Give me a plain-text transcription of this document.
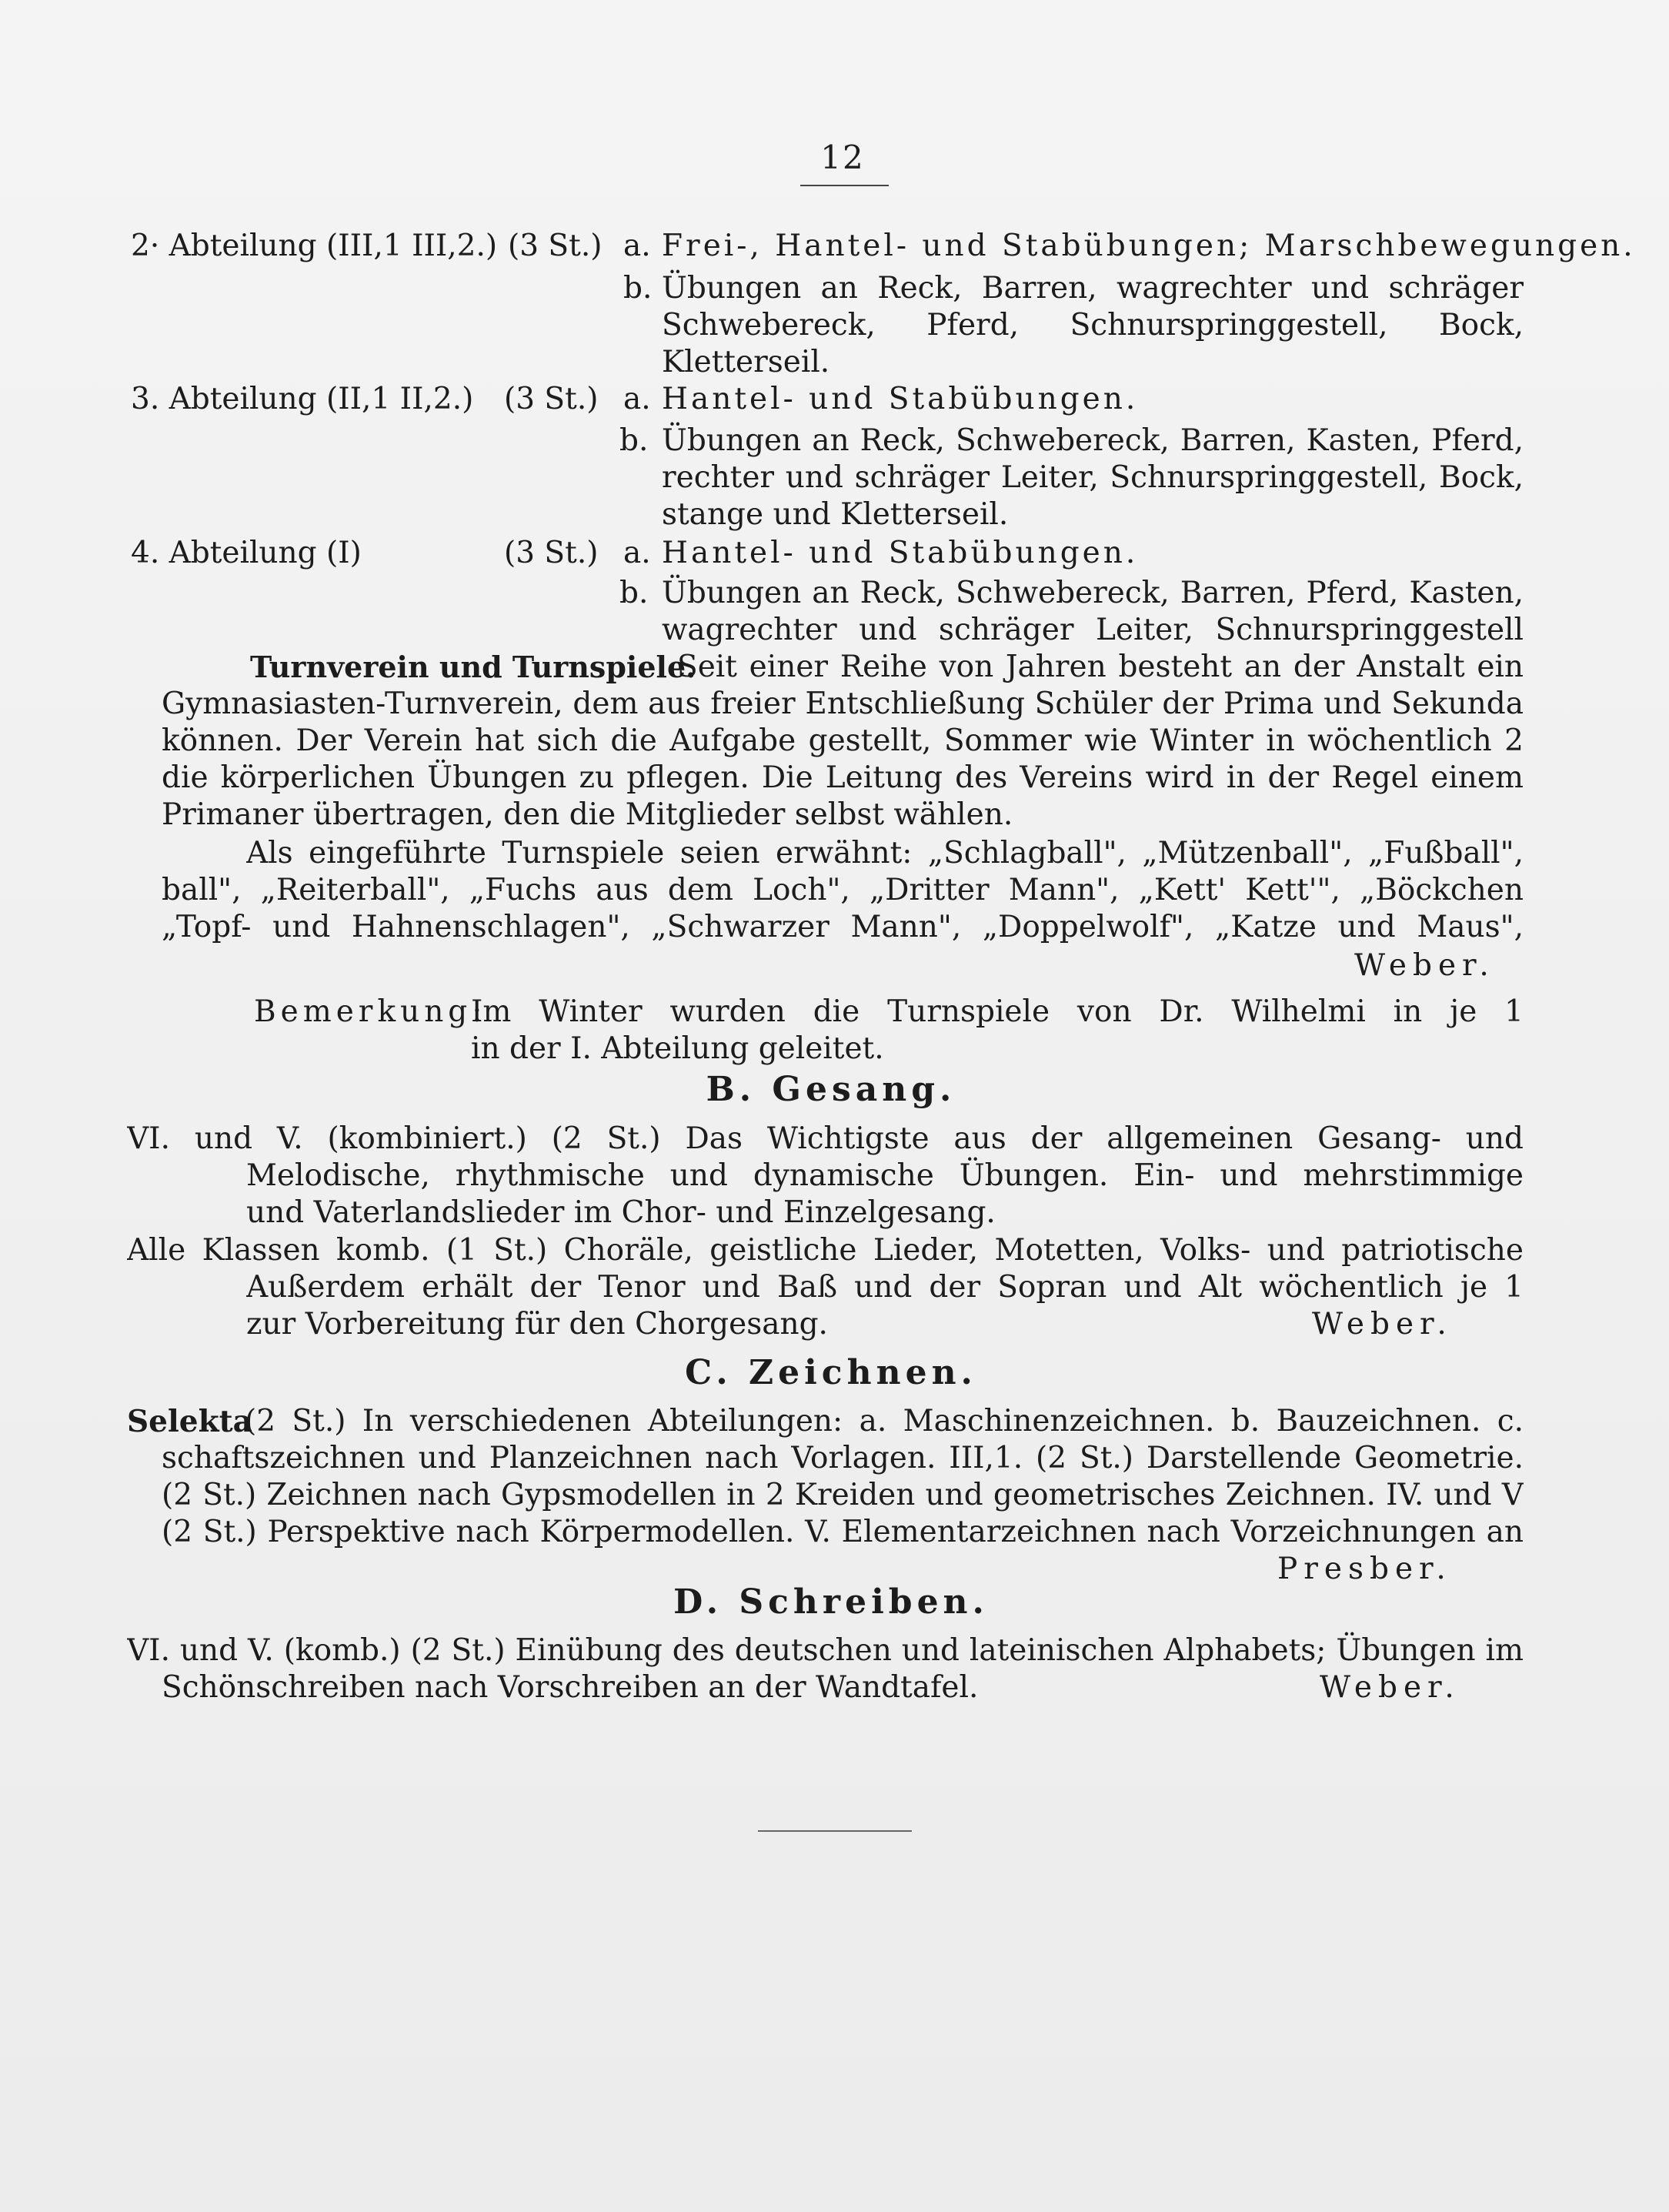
12
2· Abteilung (III,1 III,2.) (3 St.) a. Frei-, Hantel- und Stabübungen; Marschbewegungen.
b. Übungen an Reck, Barren, wagrechter und schräger
Schwebereck, Pferd, Schnurspringgestell, Bock,
Kletterseil.
3. Abteilung (II,1 II,2.) (3 St.) a. Hantel- und Stabübungen.
b. Übungen an Reck, Schwebereck, Barren, Kasten, Pferd,
rechter und schräger Leiter, Schnurspringgestell, Bock,
stange und Kletterseil.
4. Abteilung (I)	(3 St.) a. Hantel- und Stabübungen.
b. Übungen an Reck, Schwebereck, Barren, Pferd, Kasten,
wagrechter und schräger Leiter, Schnurspringgestell
Turnverein und Turnspiele.
Seit einer Reihe von Jahren besteht an der Anstalt ein
Gymnasiasten-Turnverein, dem aus freier Entschließung Schüler der Prima und Sekunda
können. Der Verein hat sich die Aufgabe gestellt, Sommer wie Winter in wöchentlich 2
die körperlichen Übungen zu pflegen. Die Leitung des Vereins wird in der Regel einem
Primaner übertragen, den die Mitglieder selbst wählen.
Als eingeführte Turnspiele seien erwähnt: „Schlagball", „Mützenball", „Fußball",
ball", „Reiterball", „Fuchs aus dem Loch", „Dritter Mann", „Kett' Kett'", „Böckchen
„Topf- und Hahnenschlagen", „Schwarzer Mann", „Doppelwolf", „Katze und Maus",
Weber.
Bemerkung:
Im Winter wurden die Turnspiele von Dr. Wilhelmi in je 1
in der I. Abteilung geleitet.
B. Gesang.
VI. und V. (kombiniert.) (2 St.) Das Wichtigste aus der allgemeinen Gesang- und
Melodische, rhythmische und dynamische Übungen. Ein- und mehrstimmige
und Vaterlandslieder im Chor- und Einzelgesang.
Alle Klassen komb. (1 St.) Choräle, geistliche Lieder, Motetten, Volks- und patriotische
Außerdem erhält der Tenor und Baß und der Sopran und Alt wöchentlich je 1
zur Vorbereitung für den Chorgesang.	Weber.
C. Zeichnen.
Selekta
(2 St.) In verschiedenen Abteilungen: a. Maschinenzeichnen. b. Bauzeichnen. c.
schaftszeichnen und Planzeichnen nach Vorlagen. III,1. (2 St.) Darstellende Geometrie.
(2 St.) Zeichnen nach Gypsmodellen in 2 Kreiden und geometrisches Zeichnen. IV. und V
(2 St.) Perspektive nach Körpermodellen. V. Elementarzeichnen nach Vorzeichnungen an
Presber.
D. Schreiben.
VI. und V. (komb.) (2 St.) Einübung des deutschen und lateinischen Alphabets; Übungen im
Schönschreiben nach Vorschreiben an der Wandtafel.	Weber.
